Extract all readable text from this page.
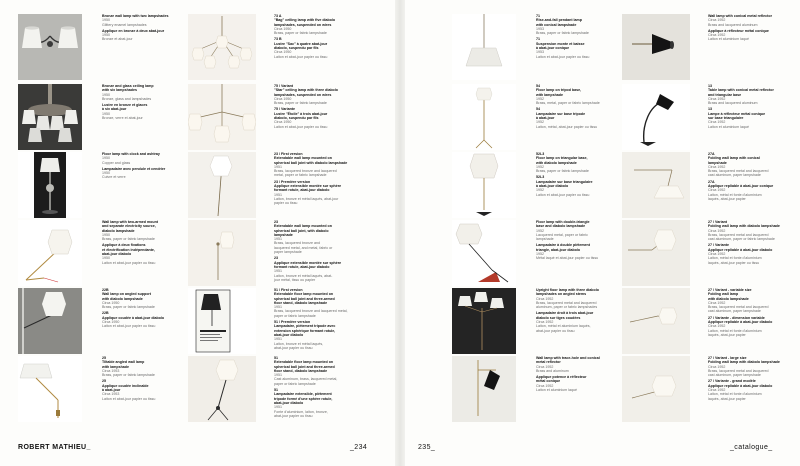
Bronze wall lamp with two lampshades
1950
Glittery enamel lampshades
Applique en bronze à deux abat-jour
1950
Bronze et abat-jour
73 A
"Bag" ceiling lamp with five diabolo
lampshades, suspended on wires
Circa 1950
Brass, paper or fabric lampshade
73 B
Lustre "Sac" à quatre abat-jour
diabolo, suspendu par fils
Circa 1950
Laiton et abat-jour papier ou tissu
Bronze and glass ceiling lamp
with six lampshades
1950
Bronze, glass and lampshades
Lustre en bronze et glaces
à six abat-jour
1950
Bronze, verre et abat-jour
75 / Variant
"Star" ceiling lamp with three diabolo
lampshades, suspended on wires
Circa 1950
Brass, paper or fabric lampshade
75 / Variante
Lustre "Étoile" à trois abat-jour
diabolo, suspendu par fils
Circa 1950
Laiton et abat-jour papier ou tissu
Floor lamp with clock and ashtray
1950
Copper and glass
Lampadaire avec pendule et cendrier
1950
Cuivre et verre
23 / First version
Extendable wall lamp mounted on
spherical ball joint with diabolo lampshade
1951
Brass, lacquered bronze and lacquered
metal, paper or fabric lampshade
23 / Première version
Applique extensible montée sur sphère
formant rotule, abat-jour diabolo
1951
Laiton, bronze et métal laqués, abat-jour
papier ou tissu
Wall lamp with two-armed mount
and separate electricity source,
diabolo lampshade
1950
Brass, paper or fabric lampshade
Applique à deux fixations
et électrification indépendante,
abat-jour diabolo
1950
Laiton et abat-jour papier ou tissu
23
Extendable wall lamp mounted on
spherical ball joint, with diabolo
lampshade
1951
Brass, lacquered bronze and
lacquered metal, and metal, fabric or
paper lampshade
23
Applique extensible montée sur sphère
formant rotule, abat-jour diabolo
1951
Laiton, bronze et métal laqués, abat-
jour métal, tissu ou papier
22B
Wall lamp on angled support
with diabolo lampshade
Circa 1950
Brass, paper or fabric lampshade
22B
Applique coudée à abat-jour diabolo
Circa 1950
Laiton et abat-jour papier ou tissu
51 / First version
Extendable floor lamp mounted on
spherical ball joint and three-armed
floor stand, diabolo lampshade
1951
Brass, lacquered bronze and lacquered metal,
paper or fabric lampshade
51 / Première version
Lampadaire, piètement tripode avec
extension sphérique formant rotule,
abat-jour diabolo
1951
Laiton, bronze et métal laqués,
abat-jour papier ou tissu
25
Tiltable angled wall lamp
with lampshade
Circa 1953
Brass, paper or fabric lampshade
25
Applique coudée inclinable
à abat-jour
Circa 1953
Laiton et abat-jour papier ou tissu
51
Extendable floor lamp mounted on
spherical ball joint and three-armed
floor stand, diabolo lampshade
1951
Cast aluminum, brass, lacquered metal,
paper or fabric lampshade
51
Lampadaire extensible, piètement
tripode formé d'une sphère rotule,
abat-jour diabolo
1951
Fonte d'aluminium, laiton, bronze,
abat-jour papier ou tissu
71
Rise-and-fall pendant lamp
with conical lampshade
1953
Brass, paper or fabric lampshade
71
Suspension monte et baisse
à abat-jour conique
1953
Laiton et abat-jour papier ou tissu
Wall lamp with conical metal reflector
Circa 1952
Brass and lacquered aluminum
Applique à réflecteur métal conique
Circa 1952
Laiton et aluminium laqué
54
Floor lamp on tripod base,
with lampshade
1952
Brass, metal, paper or fabric lampshade
54
Lampadaire sur base tripode
à abat-jour
1952
Laiton, métal, abat-jour papier ou tissu
13
Table lamp with conical metal reflector
and triangular base
Circa 1952
Brass and lacquered aluminum
13
Lampe à réflecteur métal conique
sur base triangulaire
Circa 1952
Laiton et aluminium laqué
52L3
Floor lamp on triangular base,
with diabolo lampshade
1952
Brass, paper or fabric lampshade
52L3
Lampadaire sur base triangulaire
à abat-jour diabolo
1952
Laiton et abat-jour papier ou tissu
27A
Folding wall lamp with conical
lampshade
Circa 1952
Brass, lacquered metal and lacquered
cast aluminum, paper lampshade
27A
Applique repliable à abat-jour conique
Circa 1952
Laiton, métal et fonte d'aluminium
laqués, abat-jour papier
Floor lamp with double-triangle
base and diabolo lampshade
1952
Lacquered metal, paper or fabric
lampshade
Lampadaire à double piètement
triangle, abat-jour diabolo
1952
Métal laqué et abat-jour papier ou tissu
27 / Variant
Folding wall lamp with diabolo lampshade
Circa 1952
Brass, lacquered metal and lacquered
cast aluminum, paper or fabric lampshade
27 / Variante
Applique repliable à abat-jour diabolo
Circa 1952
Laiton, métal et fonte d'aluminium
laqués, abat-jour papier ou tissu
Upright floor lamp with three diabolo
lampshades on angled stems
Circa 1952
Brass, lacquered metal and lacquered
aluminum, paper or fabric lampshades
Lampadaire droit à trois abat-jour
diabolo sur tiges coudées
Circa 1952
Laiton, métal et aluminium laqués,
abat-jour papier ou tissu
27 / Variant - variable size
Folding wall lamp
with diabolo lampshade
Circa 1952
Brass, lacquered metal and lacquered
cast aluminum, paper lampshade
27 / Variante - dimension variable
Applique repliable à abat-jour diabolo
Circa 1952
Laiton, métal et fonte d'aluminium
laqués, abat-jour papier
Wall lamp with trace-hole and conical
metal reflector
Circa 1952
Brass and aluminum
Applique potence à réflecteur
métal conique
Circa 1952
Laiton et aluminium laqué
27 / Variant - large size
Folding wall lamp with diabolo lampshade
Circa 1952
Brass, lacquered metal and lacquered
cast aluminum, paper lampshade
27 / Variante - grand modèle
Applique repliable à abat-jour diabolo
Circa 1952
Laiton, métal et fonte d'aluminium
laqués, abat-jour papier
ROBERT MATHIEU_	_234	235_	_catalogue_
